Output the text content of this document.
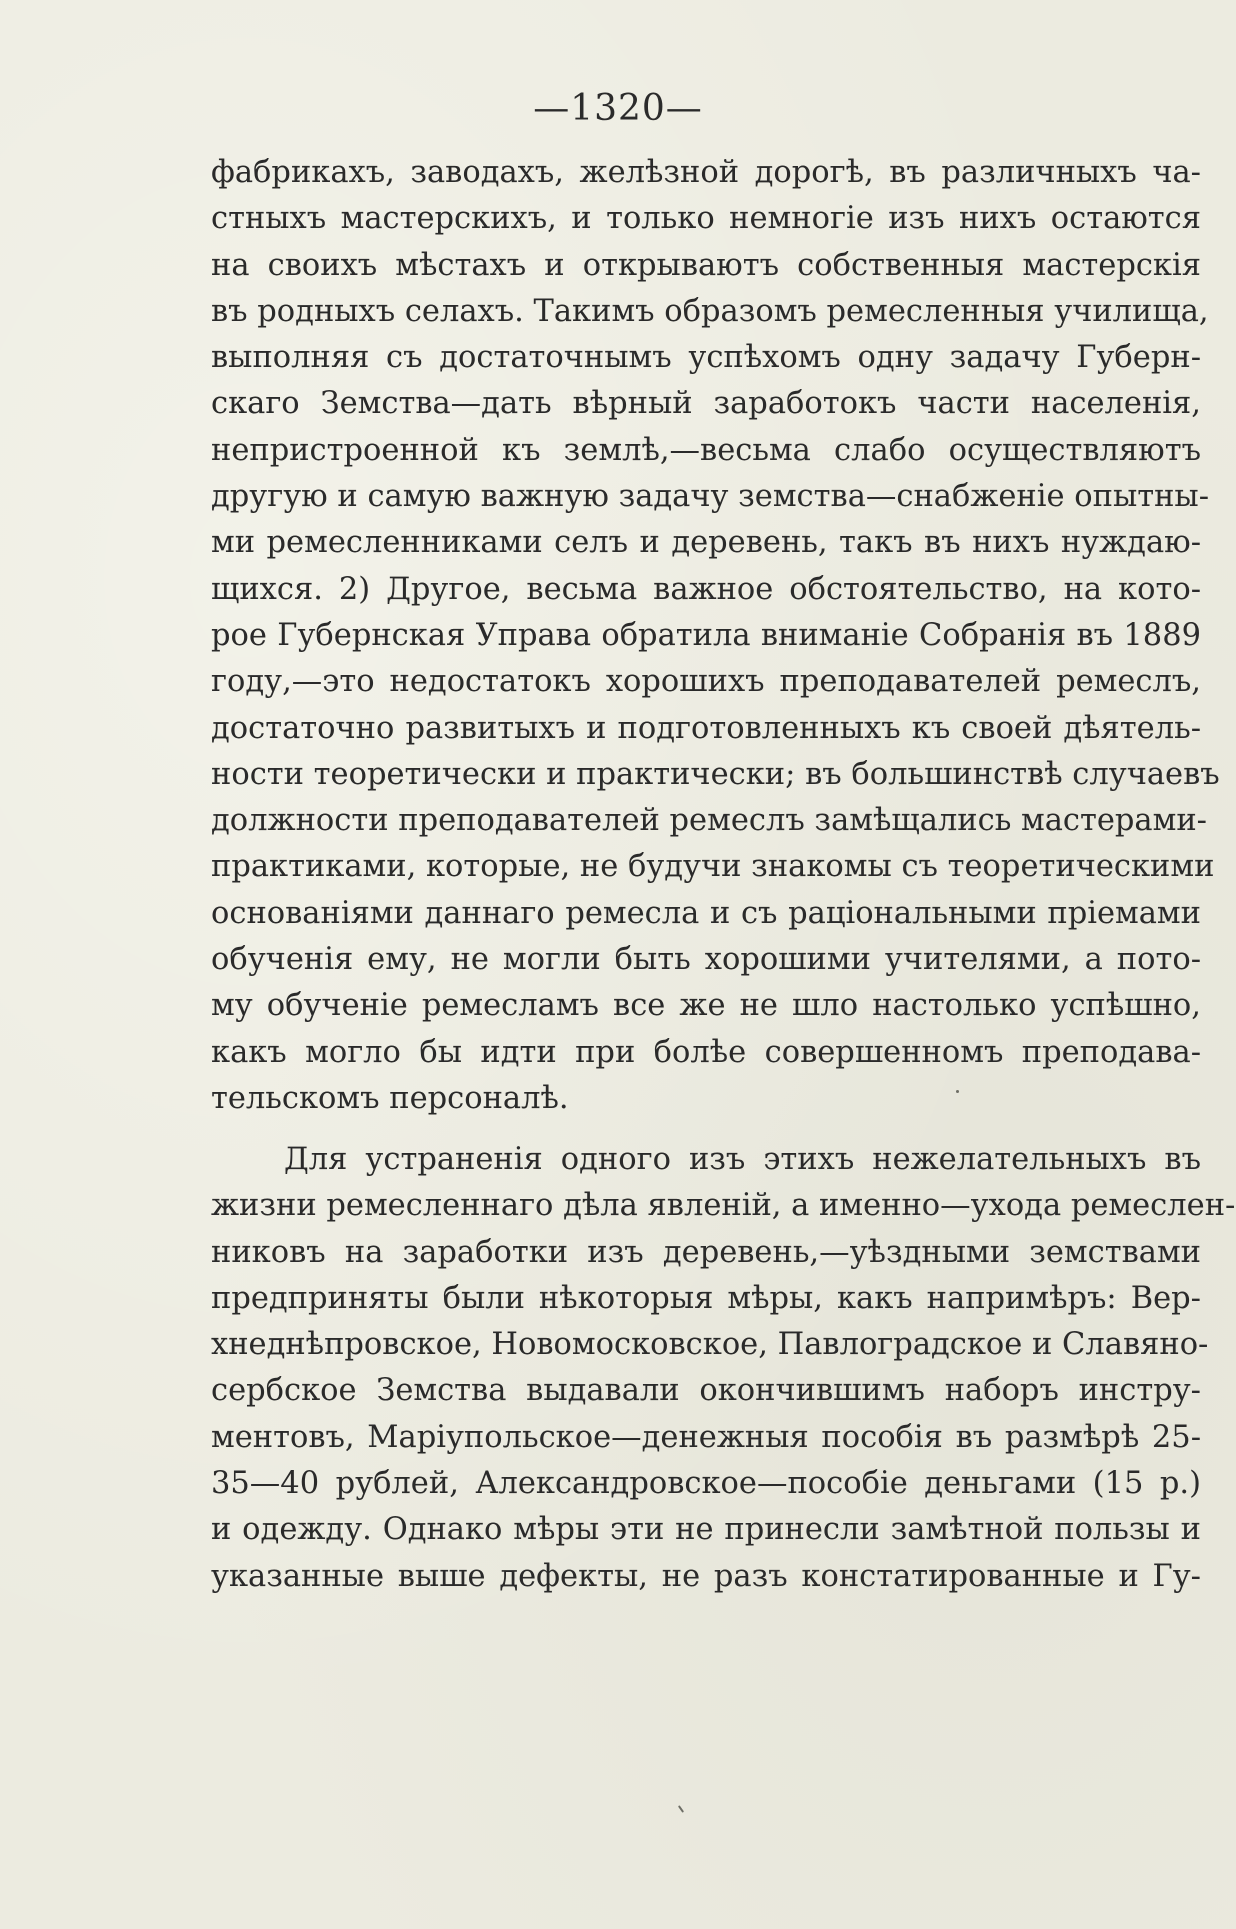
—1320—
фабрикахъ, заводахъ, желѣзной дорогѣ, въ различныхъ ча-
стныхъ мастерскихъ, и только немногіе изъ нихъ остаются
на своихъ мѣстахъ и открываютъ собственныя мастерскія
въ родныхъ селахъ. Такимъ образомъ ремесленныя училища,
выполняя съ достаточнымъ успѣхомъ одну задачу Губерн-
скаго Земства—дать вѣрный заработокъ части населенія,
непристроенной къ землѣ,—весьма слабо осуществляютъ
другую и самую важную задачу земства—снабженіе опытны-
ми ремесленниками селъ и деревень, такъ въ нихъ нуждаю-
щихся. 2) Другое, весьма важное обстоятельство, на кото-
рое Губернская Управа обратила вниманіе Собранія въ 1889
году,—это недостатокъ хорошихъ преподавателей ремеслъ,
достаточно развитыхъ и подготовленныхъ къ своей дѣятель-
ности теоретически и практически; въ большинствѣ случаевъ
должности преподавателей ремеслъ замѣщались мастерами-
практиками, которые, не будучи знакомы съ теоретическими
основаніями даннаго ремесла и съ раціональными пріемами
обученія ему, не могли быть хорошими учителями, а пото-
му обученіе ремесламъ все же не шло настолько успѣшно,
какъ могло бы идти при болѣе совершенномъ преподава-
тельскомъ персоналѣ.
Для устраненія одного изъ этихъ нежелательныхъ въ
жизни ремесленнаго дѣла явленій, а именно—ухода ремеслен-
никовъ на заработки изъ деревень,—уѣздными земствами
предприняты были нѣкоторыя мѣры, какъ напримѣръ: Вер-
хнеднѣпровское, Новомосковское, Павлоградское и Славяно-
сербское Земства выдавали окончившимъ наборъ инстру-
ментовъ, Маріупольское—денежныя пособія въ размѣрѣ 25-
35—40 рублей, Александровское—пособіе деньгами (15 р.)
и одежду. Однако мѣры эти не принесли замѣтной пользы и
указанные выше дефекты, не разъ констатированные и Гу-
